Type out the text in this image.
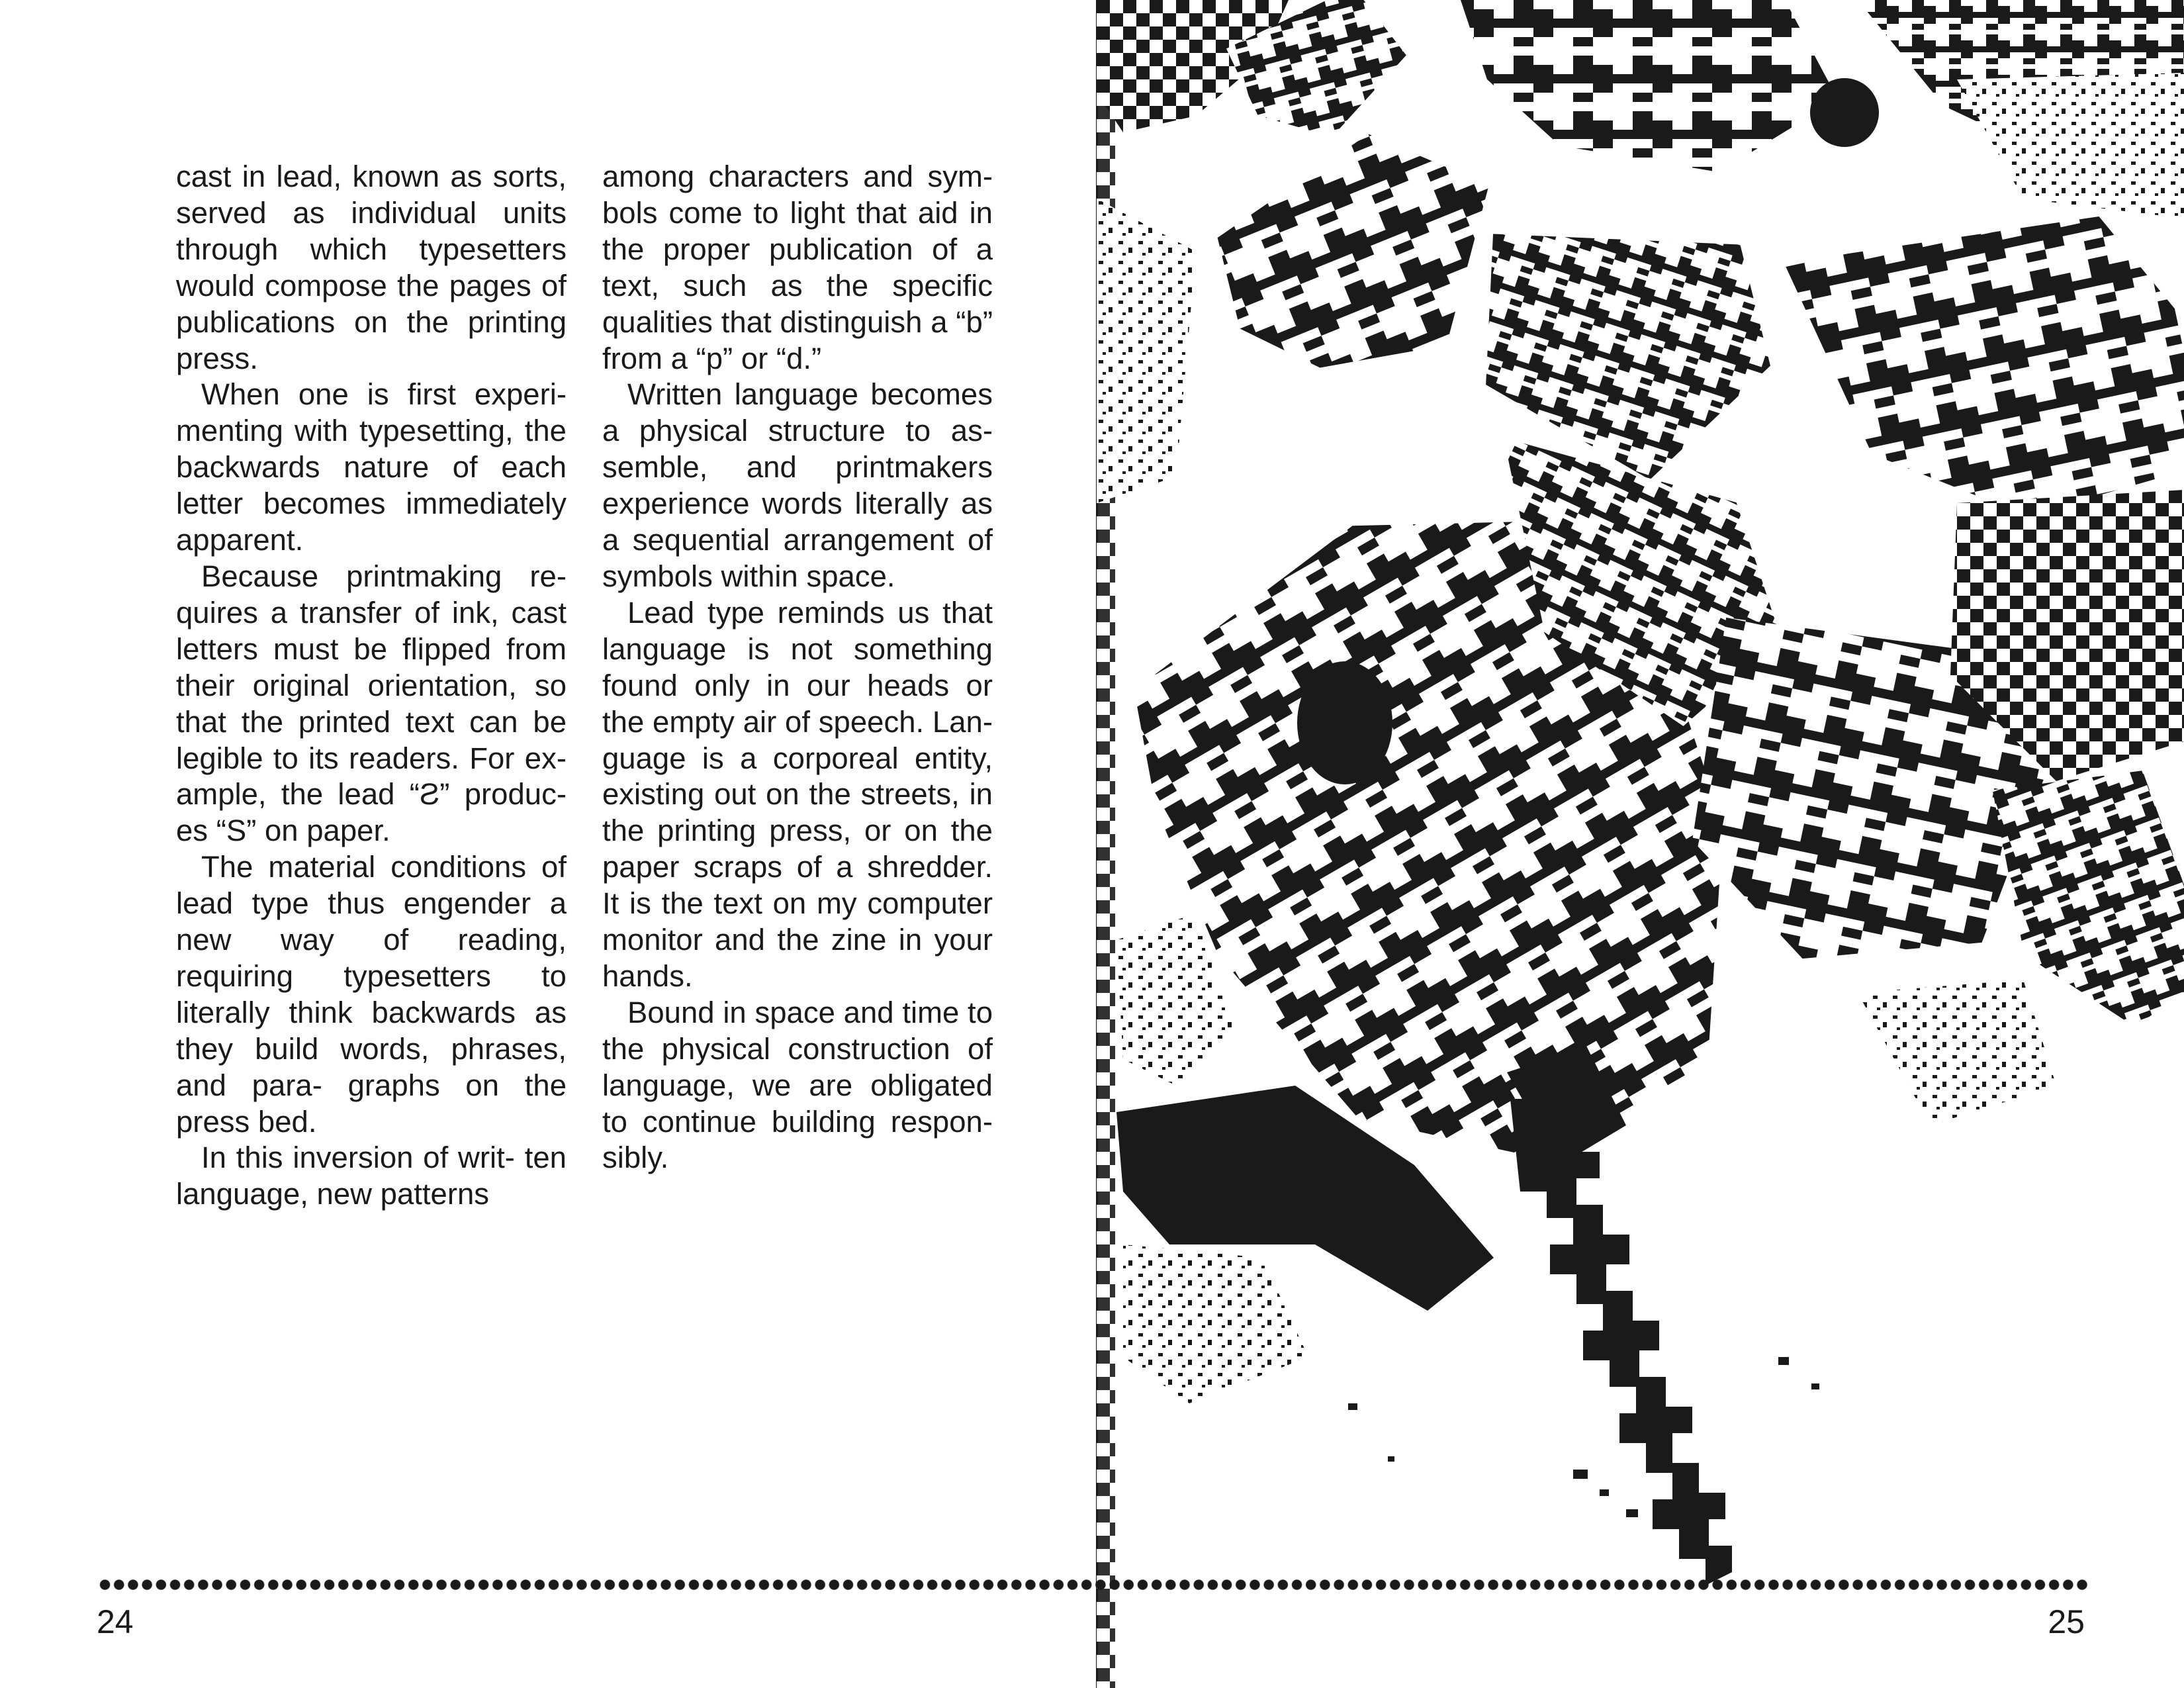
cast in lead, known as sorts, served as individual units through which typesetters would compose the pages of publications on the printing press.

When one is first experi- menting with typesetting, the backwards nature of each letter becomes immediately apparent.

Because printmaking re- quires a transfer of ink, cast letters must be flipped from their original orientation, so that the printed text can be legible to its readers. For ex- ample, the lead “Ƨ” produc- es “S” on paper.

The material conditions of lead type thus engender a new way of reading, requiring typesetters to literally think backwards as they build words, phrases, and para- graphs on the press bed.

In this inversion of writ- ten language, new patterns

among characters and sym- bols come to light that aid in the proper publication of a text, such as the specific qualities that distinguish a “b” from a “p” or “d.”

Written language becomes a physical structure to as- semble, and printmakers experience words literally as a sequential arrangement of symbols within space.

Lead type reminds us that language is not something found only in our heads or the empty air of speech. Lan- guage is a corporeal entity, existing out on the streets, in the printing press, or on the paper scraps of a shredder. It is the text on my computer monitor and the zine in your hands.

Bound in space and time to the physical construction of language, we are obligated to continue building respon- sibly.

24	25
